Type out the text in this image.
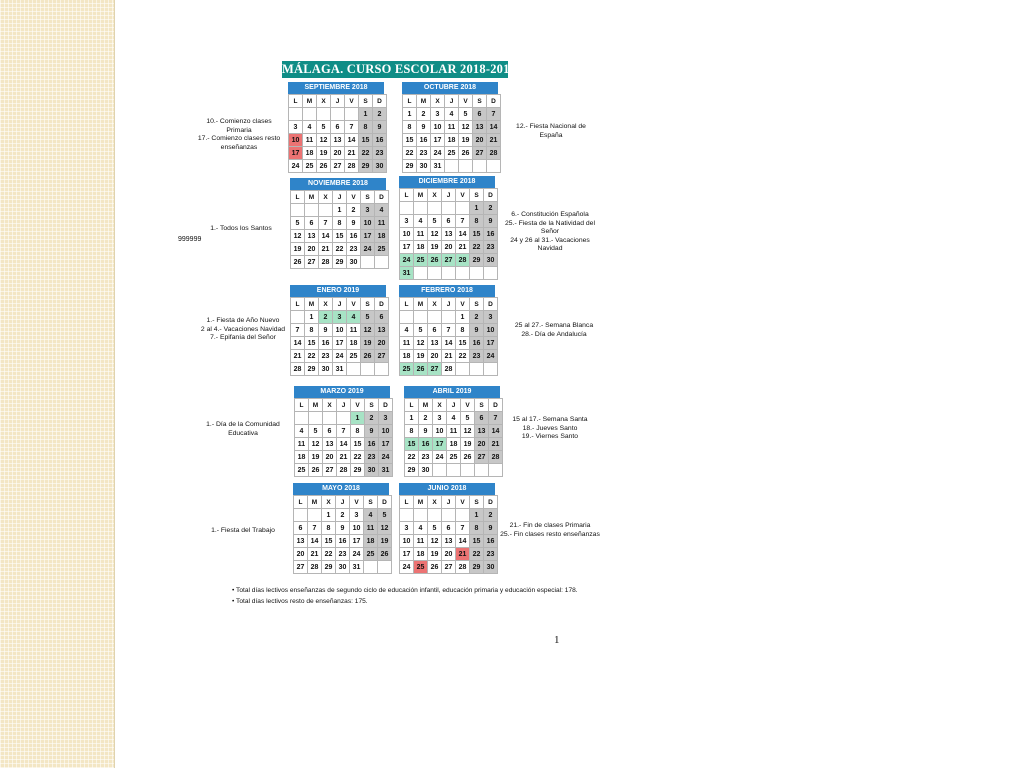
MÁLAGA. CURSO ESCOLAR 2018-2019
SEPTIEMBRE 2018
L	M	X	J	V	S	D
					1	2
3	4	5	6	7	8	9
10	11	12	13	14	15	16
17	18	19	20	21	22	23
24	25	26	27	28	29	30
OCTUBRE 2018
L	M	X	J	V	S	D
1	2	3	4	5	6	7
8	9	10	11	12	13	14
15	16	17	18	19	20	21
22	23	24	25	26	27	28
29	30	31				
NOVIEMBRE 2018
L	M	X	J	V	S	D
			1	2	3	4
5	6	7	8	9	10	11
12	13	14	15	16	17	18
19	20	21	22	23	24	25
26	27	28	29	30		
DICIEMBRE 2018
L	M	X	J	V	S	D
					1	2
3	4	5	6	7	8	9
10	11	12	13	14	15	16
17	18	19	20	21	22	23
24	25	26	27	28	29	30
31						
ENERO 2019
L	M	X	J	V	S	D
	1	2	3	4	5	6
7	8	9	10	11	12	13
14	15	16	17	18	19	20
21	22	23	24	25	26	27
28	29	30	31			
FEBRERO 2018
L	M	X	J	V	S	D
				1	2	3
4	5	6	7	8	9	10
11	12	13	14	15	16	17
18	19	20	21	22	23	24
25	26	27	28			
MARZO 2019
L	M	X	J	V	S	D
				1	2	3
4	5	6	7	8	9	10
11	12	13	14	15	16	17
18	19	20	21	22	23	24
25	26	27	28	29	30	31
ABRIL 2019
L	M	X	J	V	S	D
1	2	3	4	5	6	7
8	9	10	11	12	13	14
15	16	17	18	19	20	21
22	23	24	25	26	27	28
29	30					
MAYO 2018
L	M	X	J	V	S	D
		1	2	3	4	5
6	7	8	9	10	11	12
13	14	15	16	17	18	19
20	21	22	23	24	25	26
27	28	29	30	31		
JUNIO 2018
L	M	X	J	V	S	D
					1	2
3	4	5	6	7	8	9
10	11	12	13	14	15	16
17	18	19	20	21	22	23
24	25	26	27	28	29	30
10.- Comienzo clases Primaria
17.- Comienzo clases resto enseñanzas
12.- Fiesta Nacional de España
1.- Todos los Santos
6.- Constitución Española
25.- Fiesta de la Natividad del Señor
24 y 26 al 31.- Vacaciones Navidad
1.- Fiesta de Año Nuevo
2 al 4.- Vacaciones Navidad
7.- Epifanía del Señor
25 al 27.- Semana Blanca
28.- Día de Andalucía
1.- Día de la Comunidad Educativa
15 al 17.- Semana Santa
18.- Jueves Santo
19.- Viernes Santo
1.- Fiesta del Trabajo
21.- Fin de clases Primaria
25.- Fin clases resto enseñanzas
999999
• Total días lectivos enseñanzas de segundo ciclo de educación infantil, educación primaria y educación especial: 178.
• Total días lectivos resto de enseñanzas: 175.
1
